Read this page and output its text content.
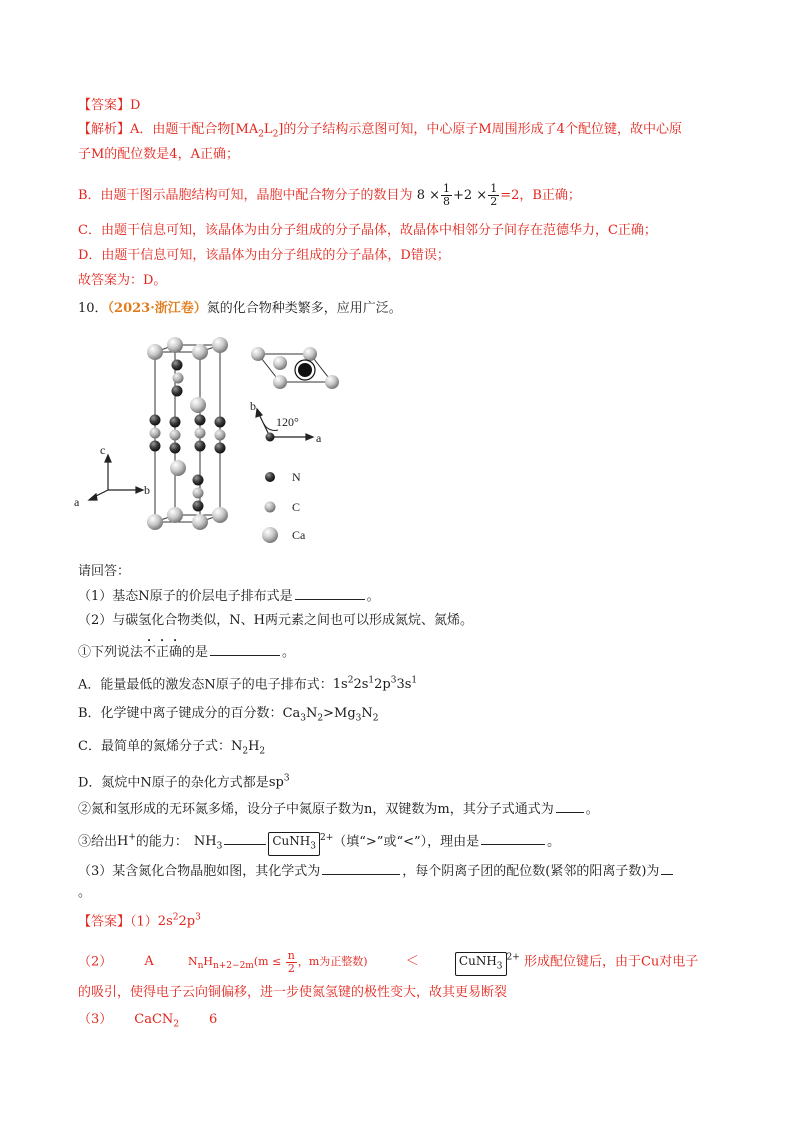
【答案】D
【解析】A．由题干配合物$[MA_2L_2]$的分子结构示意图可知，中心原子M周围形成了4个配位键，故中心原
子M的配位数是4，A正确；
B．由题干图示晶胞结构可知，晶胞中配合物分子的数目为 $8 \times \frac{1}{8} +2 \times \frac{1}{2} =2$，B正确；
C．由题干信息可知，该晶体为由分子组成的分子晶体，故晶体中相邻分子间存在范德华力，C正确；
D．由题干信息可知，该晶体为由分子组成的分子晶体，D错误；
故答案为：D。
10．（2023·浙江卷）氮的化合物种类繁多，应用广泛。
c
b
a
b
a
120°
N
C
Ca
请回答：
（1）基态N原子的价层电子排布式是	。
（2）与碳氢化合物类似，N、H两元素之间也可以形成氮烷、氮烯。
①下列说法不正确的是	。
A．能量最低的激发态N原子的电子排布式：$1s^22s^12p^33s^1$
B．化学键中离子键成分的百分数：$Ca_3N_2>Mg_3N_2$
C．最简单的氮烯分子式：$N_2H_2$
D．氮烷中N原子的杂化方式都是$sp^3$
②氮和氢形成的无环氮多烯，设分子中氮原子数为n，双键数为m，其分子式通式为 。
③给出H+的能力： $NH_3$	CuNH$_3^{2+}$（填“>”或“<”），理由是	。
（3）某含氮化合物晶胞如图，其化学式为	，每个阴离子团的配位数(紧邻的阳离子数)为
。
【答案】$(1)2s^22p^3$
（2） A	$N_nH_{n+2-2m}(m \le \frac{n}{2}$ ，m为正整数)	＜	CuNH$_3^{2+}$ 形成配位键后，由于Cu对电子
的吸引，使得电子云向铜偏移，进一步使氮氢键的极性变大，故其更易断裂
（3） CaCN$_2$ 6
